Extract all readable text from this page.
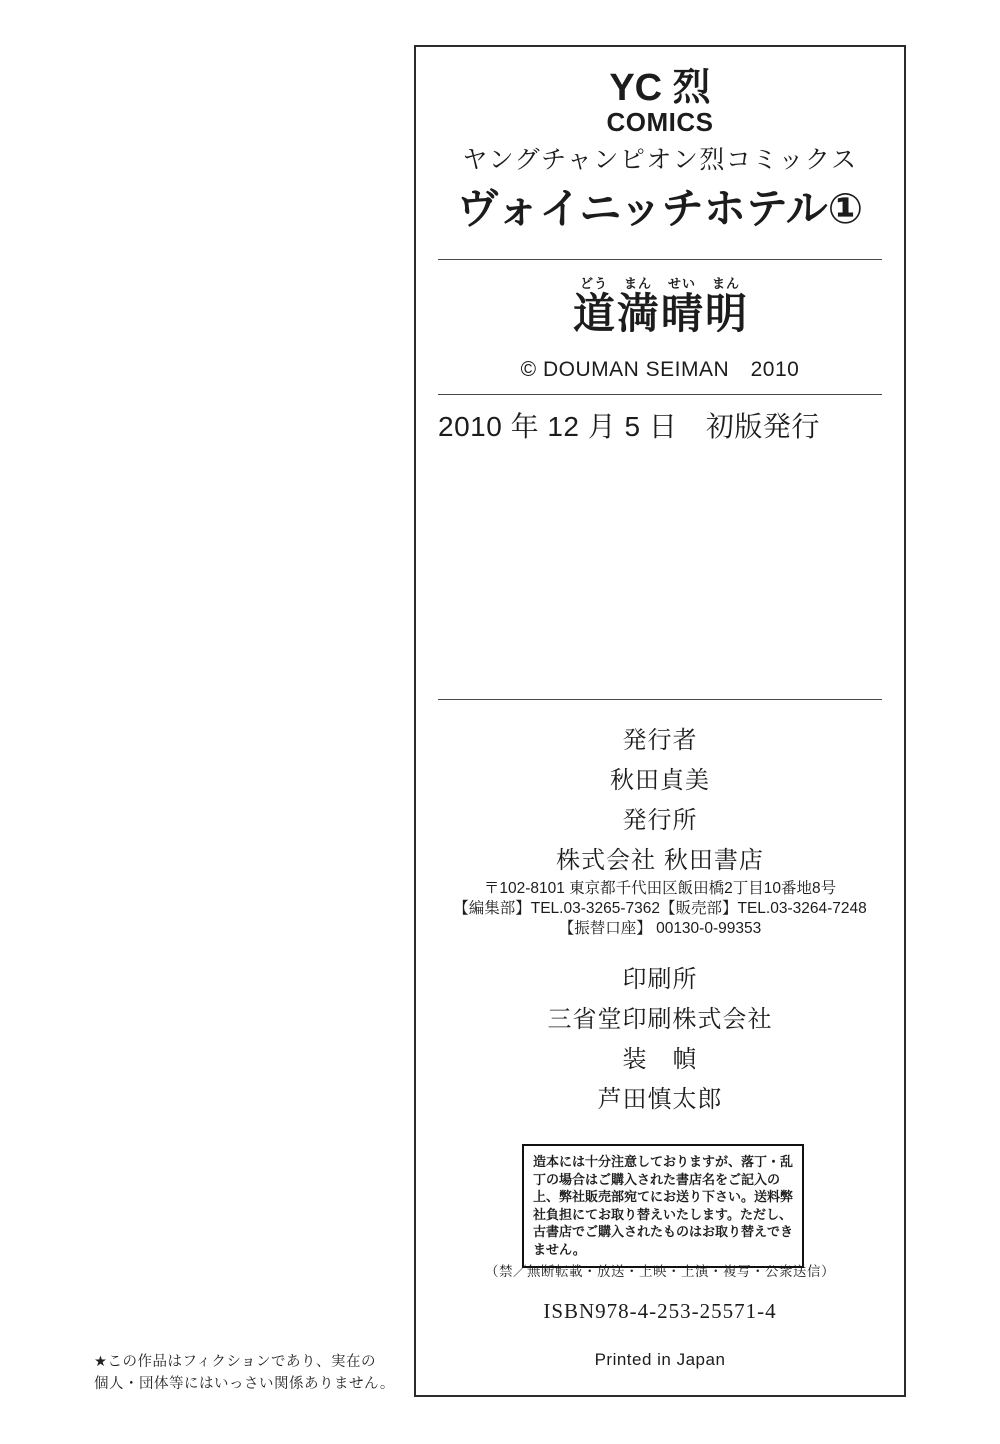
YC 烈
COMICS
ヤングチャンピオン烈コミックス
ヴォイニッチホテル①
どう
道
まん
満
せい
晴
まん
明
© DOUMAN SEIMAN　2010
2010 年 12 月 5 日　初版発行
発行者
秋田貞美
発行所
株式会社 秋田書店
〒102-8101 東京都千代田区飯田橋2丁目10番地8号
【編集部】TEL.03-3265-7362【販売部】TEL.03-3264-7248
【振替口座】 00130-0-99353
印刷所
三省堂印刷株式会社
装　幀
芦田慎太郎
造本には十分注意しておりますが、落丁・乱丁の場合はご購入された書店名をご記入の上、弊社販売部宛てにお送り下さい。送料弊社負担にてお取り替えいたします。ただし、古書店でご購入されたものはお取り替えできません。
（禁／無断転載・放送・上映・上演・複写・公衆送信）
ISBN978-4-253-25571-4
Printed in Japan
★この作品はフィクションであり、実在の
個人・団体等にはいっさい関係ありません。
